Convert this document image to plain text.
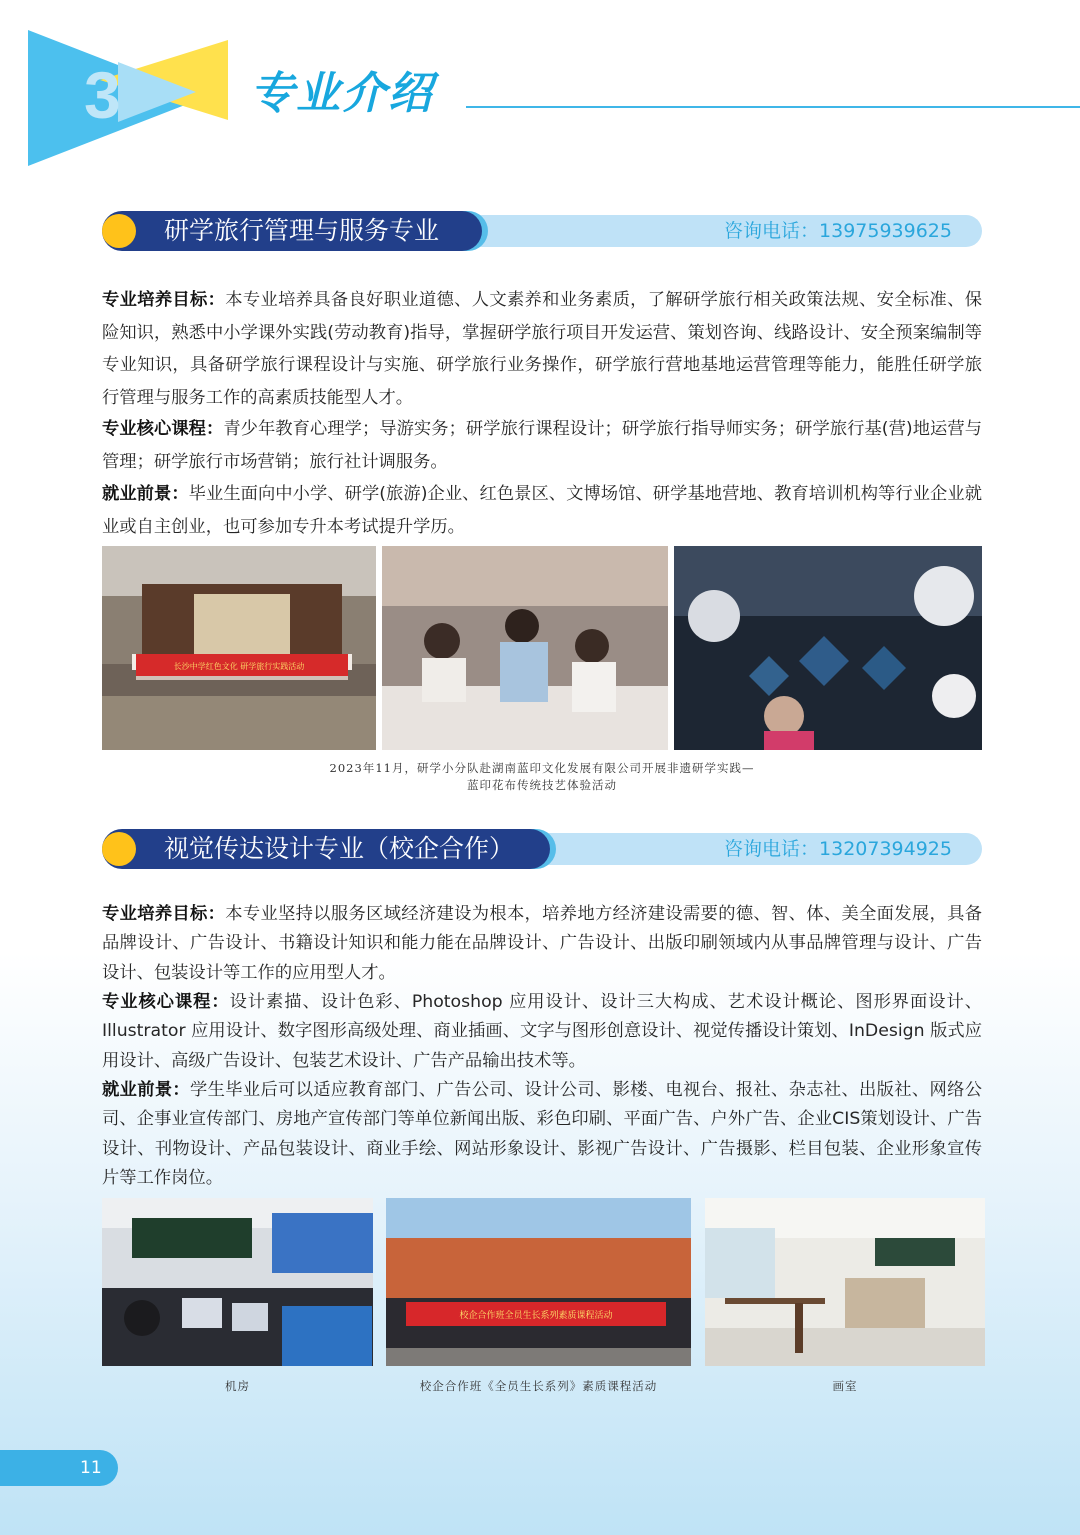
3	专业介绍
研学旅行管理与服务专业	咨询电话：13975939625

专业培养目标：本专业培养具备良好职业道德、人文素养和业务素质，了解研学旅行相关政策法规、安全标准、保险知识，熟悉中小学课外实践(劳动教育)指导，掌握研学旅行项目开发运营、策划咨询、线路设计、安全预案编制等专业知识，具备研学旅行课程设计与实施、研学旅行业务操作，研学旅行营地基地运营管理等能力，能胜任研学旅行管理与服务工作的高素质技能型人才。

专业核心课程：青少年教育心理学；导游实务；研学旅行课程设计；研学旅行指导师实务；研学旅行基(营)地运营与管理；研学旅行市场营销；旅行社计调服务。

就业前景：毕业生面向中小学、研学(旅游)企业、红色景区、文博场馆、研学基地营地、教育培训机构等行业企业就业或自主创业，也可参加专升本考试提升学历。

长沙中学红色文化 研学旅行实践活动
2023年11月，研学小分队赴湖南蓝印文化发展有限公司开展非遗研学实践—
蓝印花布传统技艺体验活动
视觉传达设计专业（校企合作）	咨询电话：13207394925

专业培养目标：本专业坚持以服务区域经济建设为根本，培养地方经济建设需要的德、智、体、美全面发展，具备品牌设计、广告设计、书籍设计知识和能力能在品牌设计、广告设计、出版印刷领域内从事品牌管理与设计、广告设计、包装设计等工作的应用型人才。

专业核心课程：设计素描、设计色彩、Photoshop 应用设计、设计三大构成、艺术设计概论、图形界面设计、Illustrator 应用设计、数字图形高级处理、商业插画、文字与图形创意设计、视觉传播设计策划、InDesign 版式应用设计、高级广告设计、包装艺术设计、广告产品输出技术等。

就业前景：学生毕业后可以适应教育部门、广告公司、设计公司、影楼、电视台、报社、杂志社、出版社、网络公司、企事业宣传部门、房地产宣传部门等单位新闻出版、彩色印刷、平面广告、户外广告、企业CIS策划设计、广告设计、刊物设计、产品包装设计、商业手绘、网站形象设计、影视广告设计、广告摄影、栏目包装、企业形象宣传片等工作岗位。

校企合作班全员生长系列素质课程活动
机房	校企合作班《全员生长系列》素质课程活动	画室
11
